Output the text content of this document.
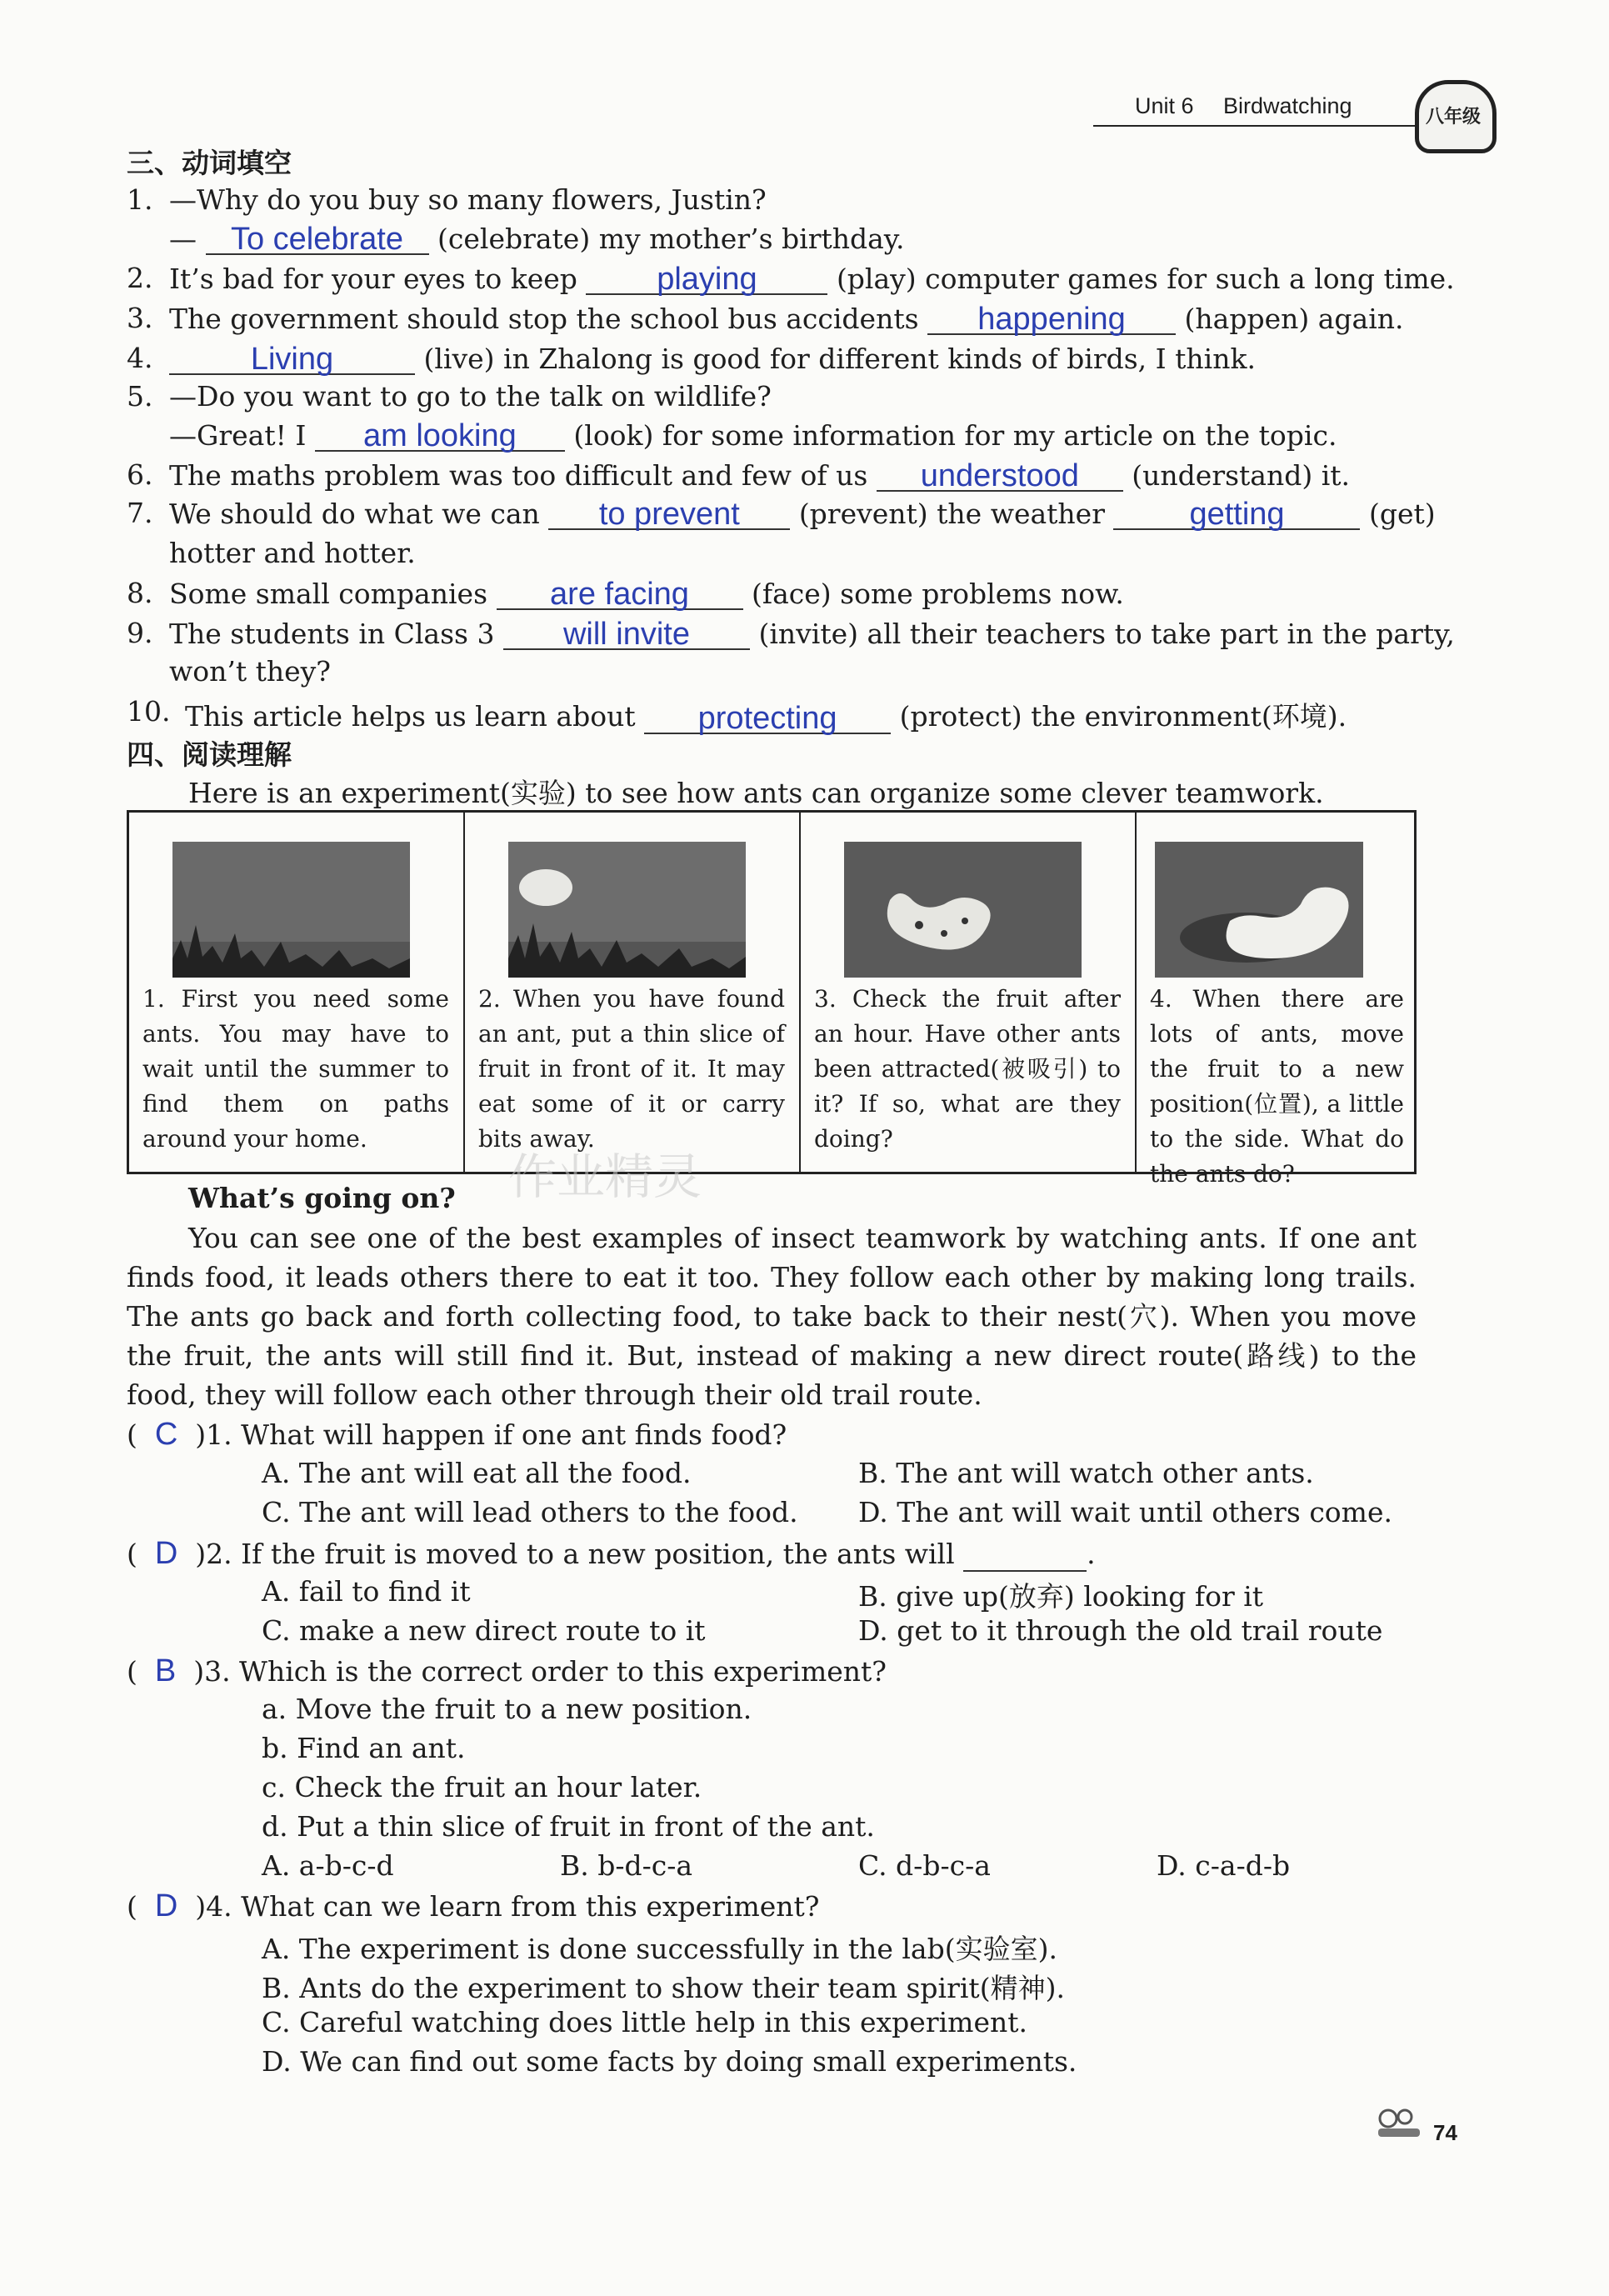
Unit 6 Birdwatching	八年级
三、动词填空
1. —Why do you buy so many flowers, Justin?
— To celebrate (celebrate) my mother’s birthday.
2. It’s bad for your eyes to keep	playing	(play) computer games for such a long time.
3. The government should stop the school bus accidents happening (happen) again.
4.	Living	(live) in Zhalong is good for different kinds of birds, I think.
5. —Do you want to go to the talk on wildlife?
—Great! I am looking (look) for some information for my article on the topic.
6. The maths problem was too difficult and few of us understood (understand) it.
7. We should do what we can to prevent (prevent) the weather	getting	(get)
hotter and hotter.
8. Some small companies are facing (face) some problems now.
9. The students in Class 3 will invite (invite) all their teachers to take part in the party,
won’t they?
10. This article helps us learn about protecting (protect) the environment(环境).
四、阅读理解
Here is an experiment(实验) to see how ants can organize some clever teamwork.
1. First you need some ants. You may have to wait until the summer to find them on paths around your home.
2. When you have found an ant, put a thin slice of fruit in front of it. It may eat some of it or carry bits away.
3. Check the fruit after an hour. Have other ants been attracted(被吸引) to it? If so, what are they doing?
4. When there are lots of ants, move the fruit to a new position(位置), a little to the side. What do the ants do?
作业精灵
What’s going on?
You can see one of the best examples of insect teamwork by watching ants. If one ant finds food, it leads others there to eat it too. They follow each other by making long trails. The ants go back and forth collecting food, to take back to their nest(穴). When you move the fruit, the ants will still find it. But, instead of making a new direct route(路线) to the food, they will follow each other through their old trail route.
(  C )1. What will happen if one ant finds food?
A. The ant will eat all the food.	B. The ant will watch other ants.
C. The ant will lead others to the food. D. The ant will wait until others come.
(  D )2. If the fruit is moved to a new position, the ants will	.
A. fail to find it	B. give up(放弃) looking for it
C. make a new direct route to it	D. get to it through the old trail route
(  B )3. Which is the correct order to this experiment?
a. Move the fruit to a new position.
b. Find an ant.
c. Check the fruit an hour later.
d. Put a thin slice of fruit in front of the ant.
A. a-b-c-d	B. b-d-c-a	C. d-b-c-a	D. c-a-d-b
(  D )4. What can we learn from this experiment?
A. The experiment is done successfully in the lab(实验室).
B. Ants do the experiment to show their team spirit(精神).
C. Careful watching does little help in this experiment.
D. We can find out some facts by doing small experiments.
74
